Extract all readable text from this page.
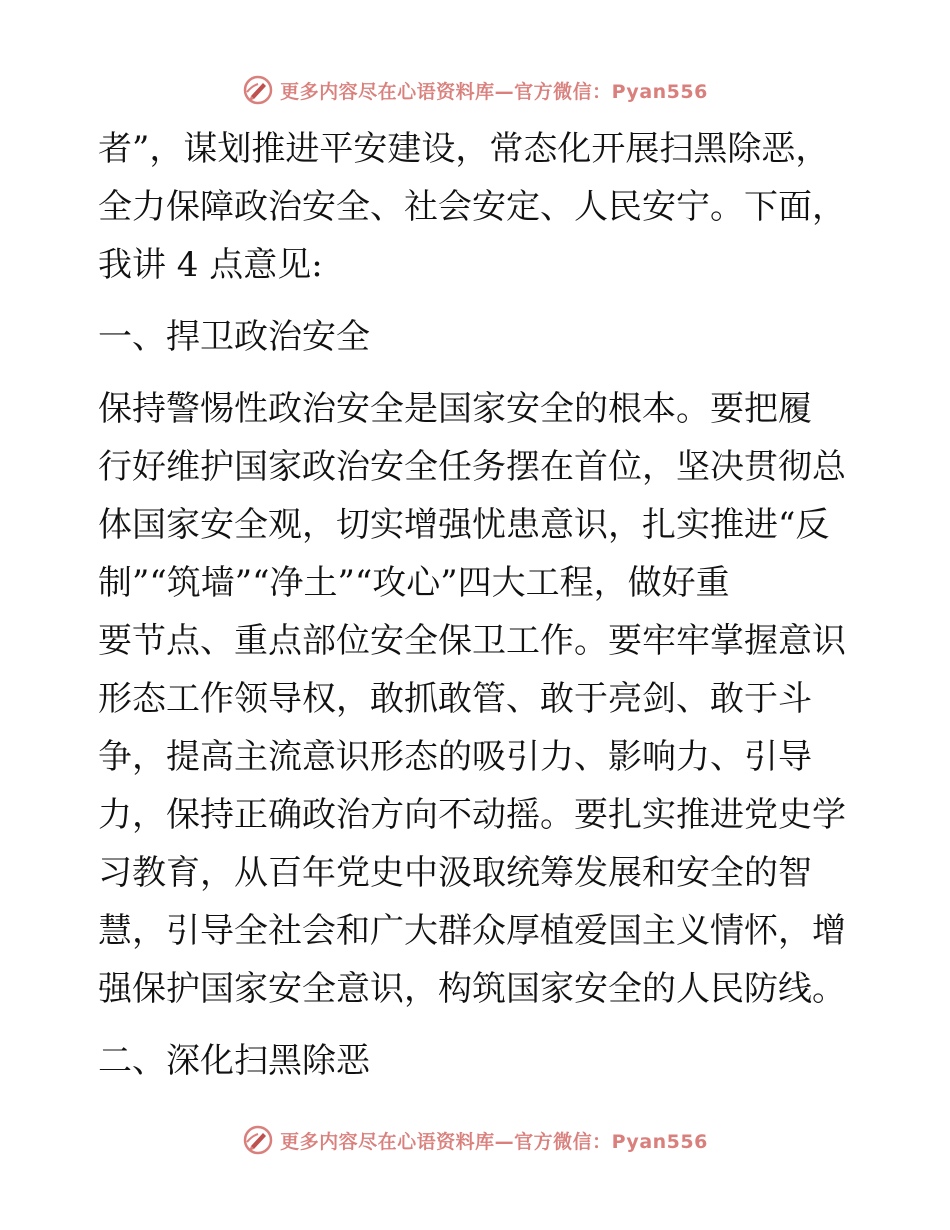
更多内容尽在心语资料库—官方微信：Pyan556
者”，谋划推进平安建设，常态化开展扫黑除恶，
全力保障政治安全、社会安定、人民安宁。下面，
我讲 4 点意见:
一、捍卫政治安全
保持警惕性政治安全是国家安全的根本。要把履
行好维护国家政治安全任务摆在首位，坚决贯彻总
体国家安全观，切实增强忧患意识，扎实推进“反
制”“筑墙”“净土”“攻心”四大工程，做好重
要节点、重点部位安全保卫工作。要牢牢掌握意识
形态工作领导权，敢抓敢管、敢于亮剑、敢于斗
争，提高主流意识形态的吸引力、影响力、引导
力，保持正确政治方向不动摇。要扎实推进党史学
习教育，从百年党史中汲取统筹发展和安全的智
慧，引导全社会和广大群众厚植爱国主义情怀，增
强保护国家安全意识，构筑国家安全的人民防线。
二、深化扫黑除恶
更多内容尽在心语资料库—官方微信：Pyan556
